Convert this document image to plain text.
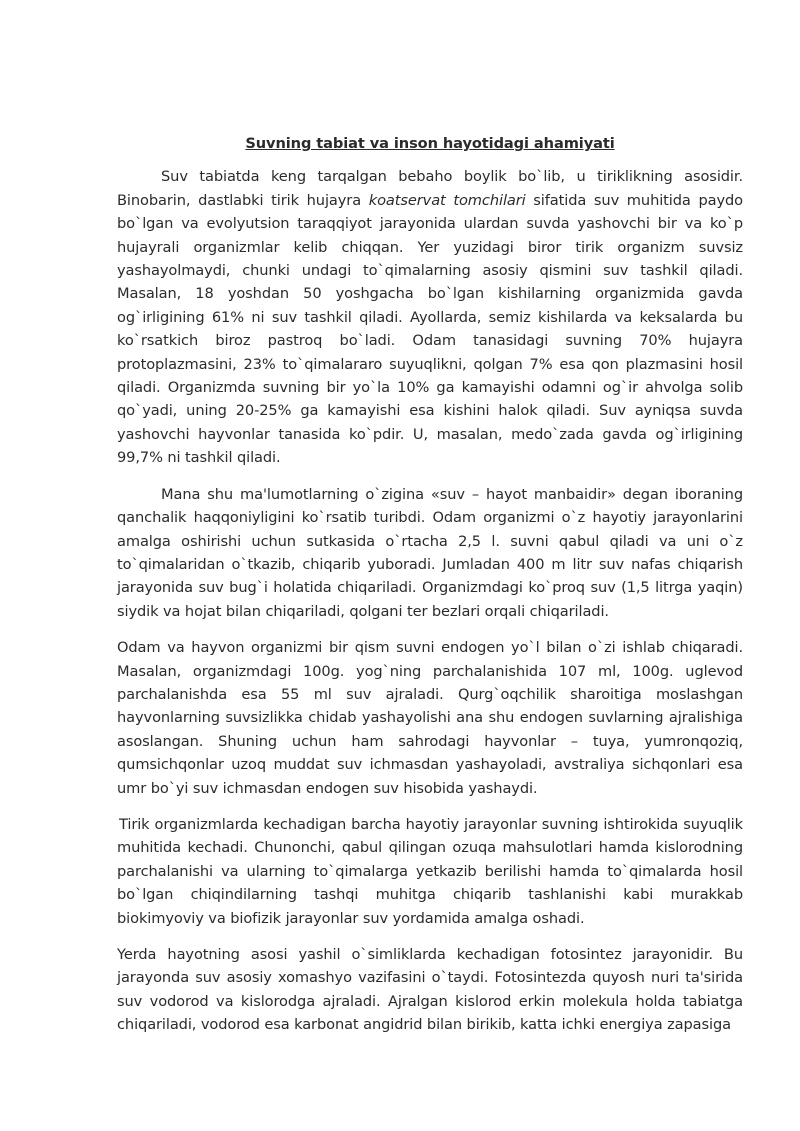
Suvning tabiat va inson hayotidagi ahamiyati

Suv tabiatda keng tarqalgan bebaho boylik bo`lib, u tiriklikning asosidir. Binobarin, dastlabki tirik hujayra koatservat tomchilari sifatida suv muhitida paydo bo`lgan va evolyutsion taraqqiyot jarayonida ulardan suvda yashovchi bir va ko`p hujayrali organizmlar kelib chiqqan. Yer yuzidagi biror tirik organizm suvsiz yashayolmaydi, chunki undagi to`qimalarning asosiy qismini suv tashkil qiladi. Masalan, 18 yoshdan 50 yoshgacha bo`lgan kishilarning organizmida gavda og`irligining 61% ni suv tashkil qiladi. Ayollarda, semiz kishilarda va keksalarda bu ko`rsatkich biroz pastroq bo`ladi. Odam tanasidagi suvning 70% hujayra protoplazmasini, 23% to`qimalararo suyuqlikni, qolgan 7% esa qon plazmasini hosil qiladi. Organizmda suvning bir yo`la 10% ga kamayishi odamni og`ir ahvolga solib qo`yadi, uning 20-25% ga kamayishi esa kishini halok qiladi. Suv ayniqsa suvda yashovchi hayvonlar tanasida ko`pdir. U, masalan, medo`zada gavda og`irligining 99,7% ni tashkil qiladi.

Mana shu ma'lumotlarning o`zigina «suv – hayot manbaidir» degan iboraning qanchalik haqqoniyligini ko`rsatib turibdi. Odam organizmi o`z hayotiy jarayonlarini amalga oshirishi uchun sutkasida o`rtacha 2,5 l. suvni qabul qiladi va uni o`z to`qimalaridan o`tkazib, chiqarib yuboradi. Jumladan 400 m litr suv nafas chiqarish jarayonida suv bug`i holatida chiqariladi. Organizmdagi ko`proq suv (1,5 litrga yaqin) siydik va hojat bilan chiqariladi, qolgani ter bezlari orqali chiqariladi.

Odam va hayvon organizmi bir qism suvni endogen yo`l bilan o`zi ishlab chiqaradi. Masalan, organizmdagi 100g. yog`ning parchalanishida 107 ml, 100g. uglevod parchalanishda esa 55 ml suv ajraladi. Qurg`oqchilik sharoitiga moslashgan hayvonlarning suvsizlikka chidab yashayolishi ana shu endogen suvlarning ajralishiga asoslangan. Shuning uchun ham sahrodagi hayvonlar – tuya, yumronqoziq, qumsichqonlar uzoq muddat suv ichmasdan yashayoladi, avstraliya sichqonlari esa umr bo`yi suv ichmasdan endogen suv hisobida yashaydi.

Tirik organizmlarda kechadigan barcha hayotiy jarayonlar suvning ishtirokida suyuqlik muhitida kechadi. Chunonchi, qabul qilingan ozuqa mahsulotlari hamda kislorodning parchalanishi va ularning to`qimalarga yetkazib berilishi hamda to`qimalarda hosil bo`lgan chiqindilarning tashqi muhitga chiqarib tashlanishi kabi murakkab biokimyoviy va biofizik jarayonlar suv yordamida amalga oshadi.

Yerda hayotning asosi yashil o`simliklarda kechadigan fotosintez jarayonidir. Bu jarayonda suv asosiy xomashyo vazifasini o`taydi. Fotosintezda quyosh nuri ta'sirida suv vodorod va kislorodga ajraladi. Ajralgan kislorod erkin molekula holda tabiatga chiqariladi, vodorod esa karbonat angidrid bilan birikib, katta ichki energiya zapasiga
